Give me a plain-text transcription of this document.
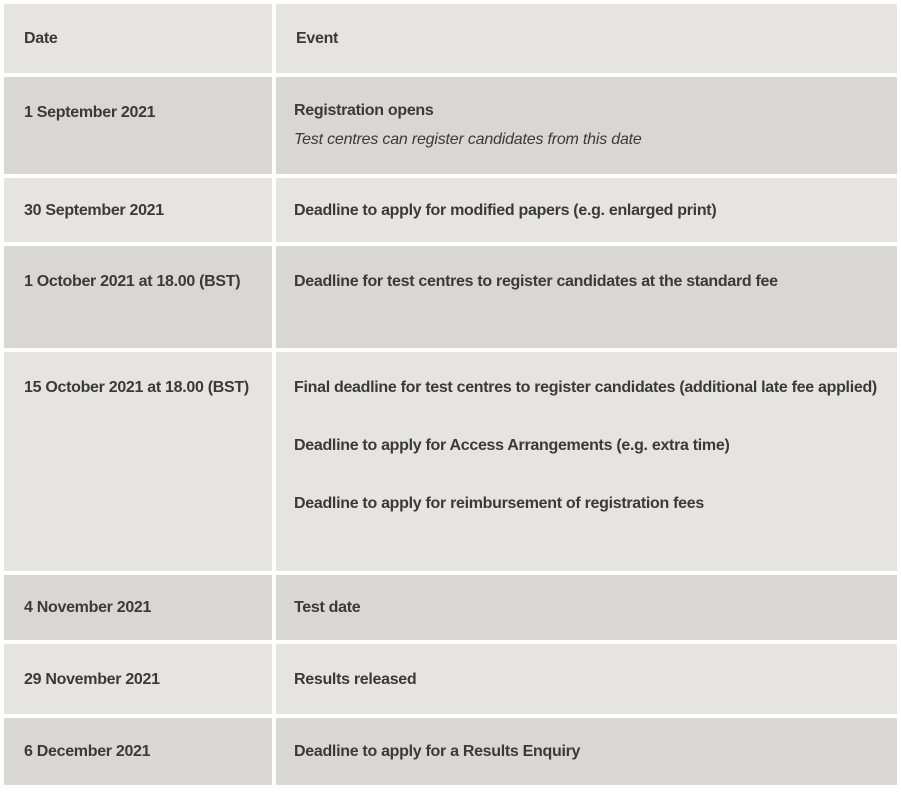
Date	Event
1 September 2021	Registration opens
Test centres can register candidates from this date

30 September 2021	Deadline to apply for modified papers (e.g. enlarged print)
1 October 2021 at 18.00 (BST)	Deadline for test centres to register candidates at the standard fee
15 October 2021 at 18.00 (BST)	Final deadline for test centres to register candidates (additional late fee applied)

Deadline to apply for Access Arrangements (e.g. extra time)

Deadline to apply for reimbursement of registration fees

4 November 2021	Test date
29 November 2021	Results released
6 December 2021	Deadline to apply for a Results Enquiry
